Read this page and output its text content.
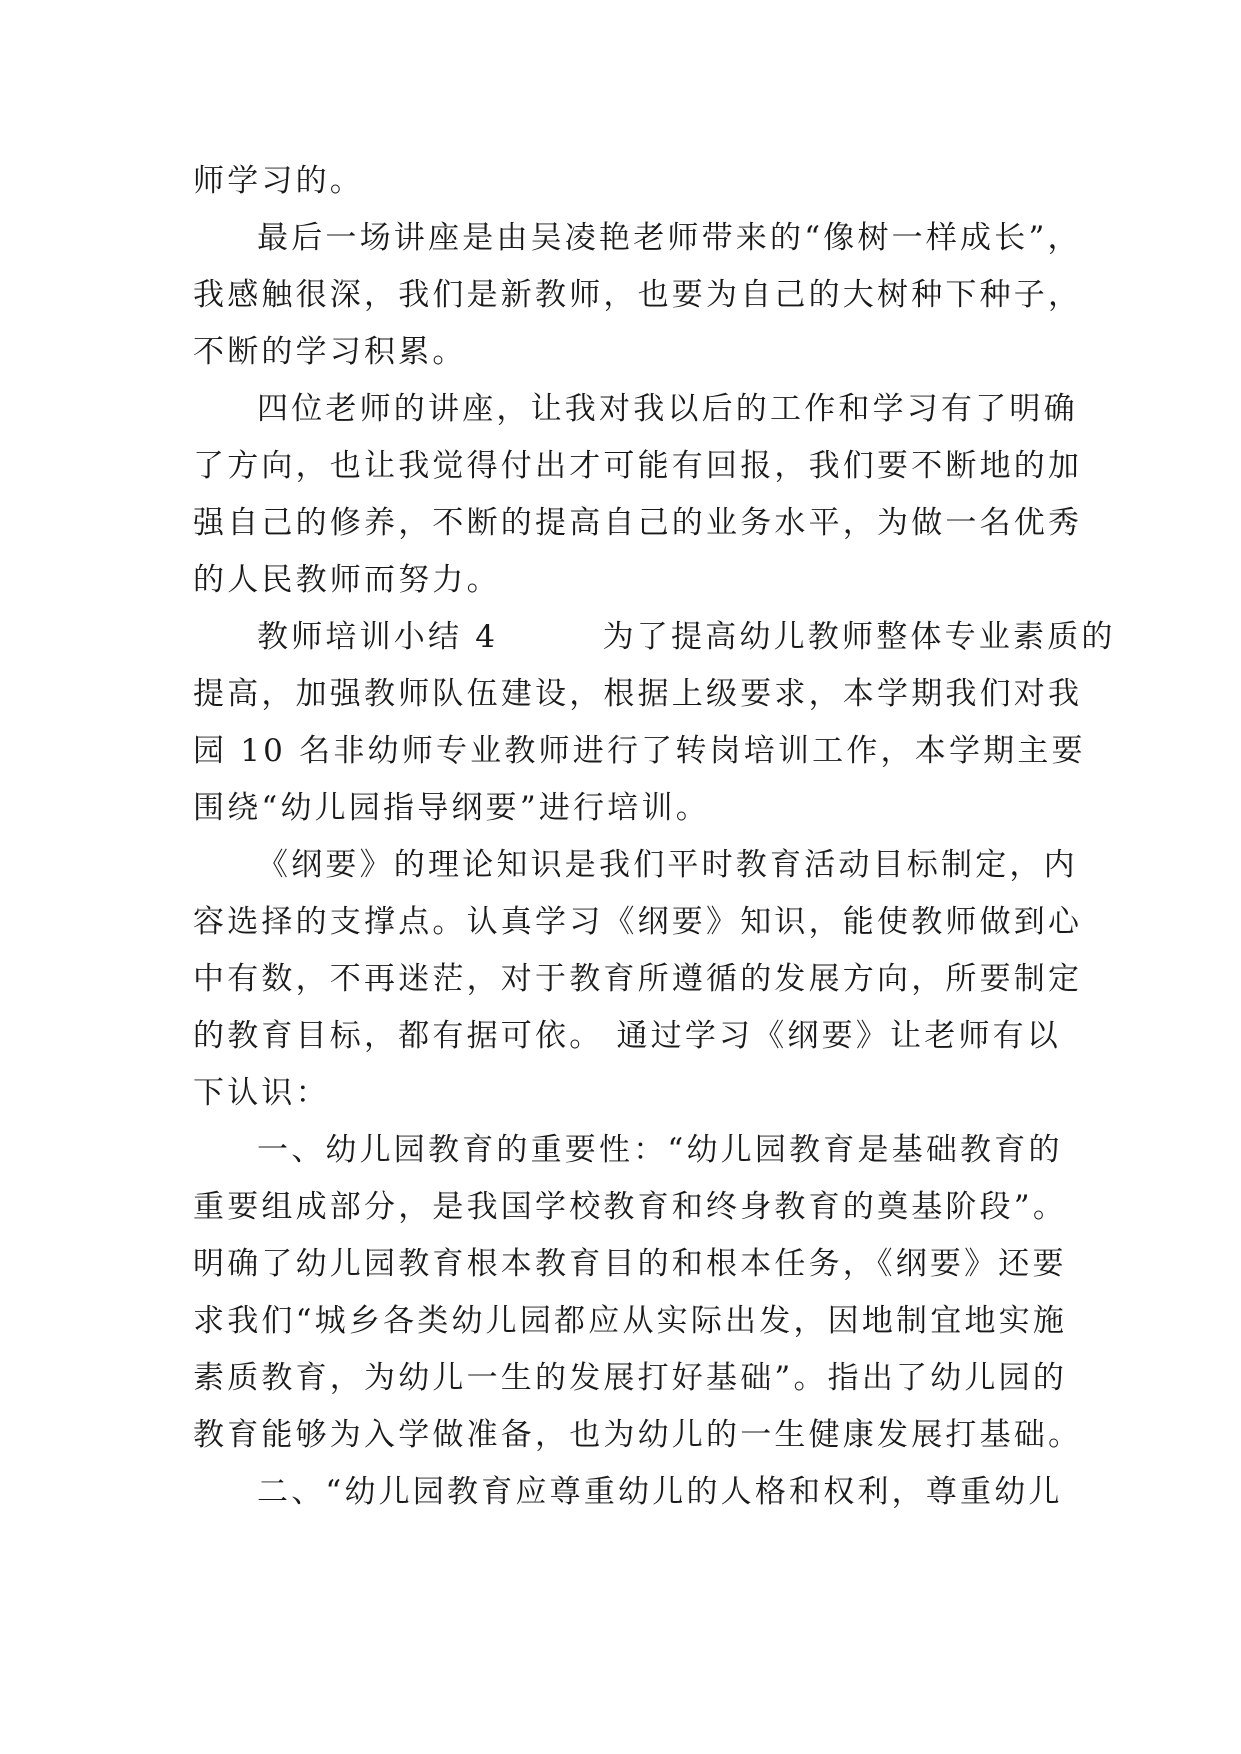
师学习的。
最后一场讲座是由吴凌艳老师带来的“像树一样成长”，
我感触很深，我们是新教师，也要为自己的大树种下种子，
不断的学习积累。
四位老师的讲座，让我对我以后的工作和学习有了明确
了方向，也让我觉得付出才可能有回报，我们要不断地的加
强自己的修养，不断的提高自己的业务水平，为做一名优秀
的人民教师而努力。
教师培训小结 4        为了提高幼儿教师整体专业素质的
提高，加强教师队伍建设，根据上级要求，本学期我们对我
园 10 名非幼师专业教师进行了转岗培训工作，本学期主要
围绕“幼儿园指导纲要”进行培训。
《纲要》的理论知识是我们平时教育活动目标制定，内
容选择的支撑点。认真学习《纲要》知识，能使教师做到心
中有数，不再迷茫，对于教育所遵循的发展方向，所要制定
的教育目标，都有据可依。 通过学习《纲要》让老师有以
下认识：
一、幼儿园教育的重要性：“幼儿园教育是基础教育的
重要组成部分，是我国学校教育和终身教育的奠基阶段”。
明确了幼儿园教育根本教育目的和根本任务，《纲要》还要
求我们“城乡各类幼儿园都应从实际出发，因地制宜地实施
素质教育，为幼儿一生的发展打好基础”。指出了幼儿园的
教育能够为入学做准备，也为幼儿的一生健康发展打基础。
二、“幼儿园教育应尊重幼儿的人格和权利，尊重幼儿
